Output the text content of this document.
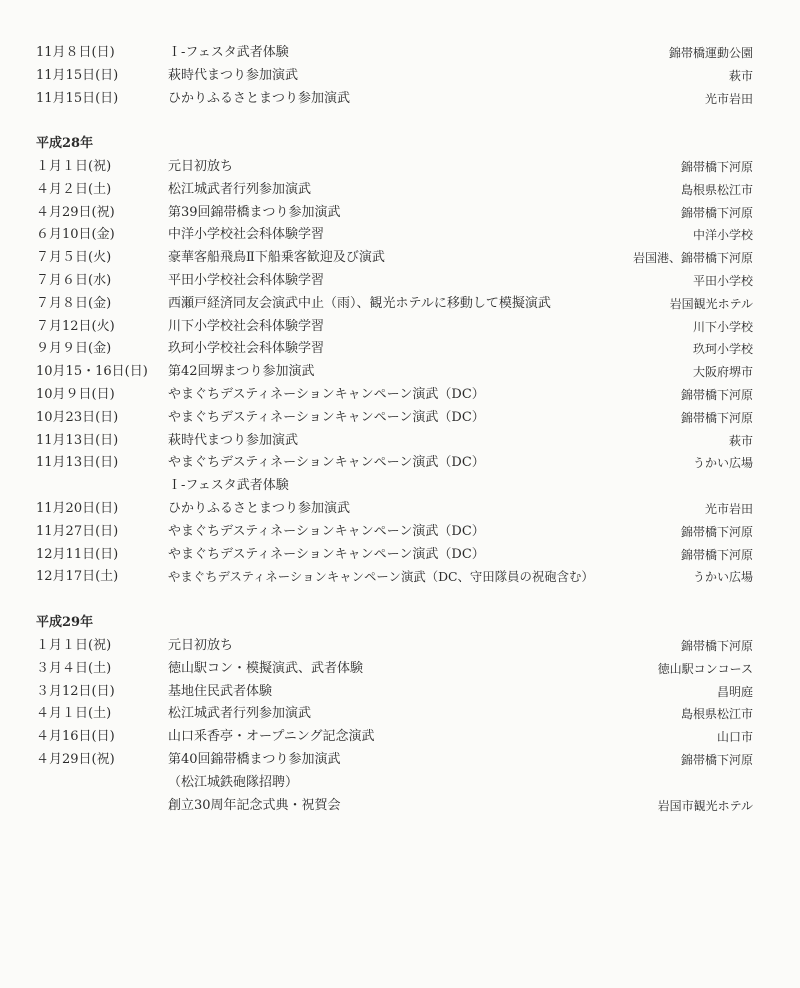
11月８日(日)	Ｉ-フェスタ武者体験	錦帯橋運動公園
11月15日(日)	萩時代まつり参加演武	萩市
11月15日(日)	ひかりふるさとまつり参加演武	光市岩田
平成28年
１月１日(祝)	元日初放ち	錦帯橋下河原
４月２日(土)	松江城武者行列参加演武	島根県松江市
４月29日(祝)	第39回錦帯橋まつり参加演武	錦帯橋下河原
６月10日(金)	中洋小学校社会科体験学習	中洋小学校
７月５日(火)	豪華客船飛鳥Ⅱ下船乗客歓迎及び演武	岩国港、錦帯橋下河原
７月６日(水)	平田小学校社会科体験学習	平田小学校
７月８日(金)	西瀬戸経済同友会演武中止（雨）、観光ホテルに移動して模擬演武	岩国観光ホテル
７月12日(火)	川下小学校社会科体験学習	川下小学校
９月９日(金)	玖珂小学校社会科体験学習	玖珂小学校
10月15・16日(日) 第42回堺まつり参加演武	大阪府堺市
10月９日(日)	やまぐちデスティネーションキャンペーン演武（DC）	錦帯橋下河原
10月23日(日)	やまぐちデスティネーションキャンペーン演武（DC）	錦帯橋下河原
11月13日(日)	萩時代まつり参加演武	萩市
11月13日(日)	やまぐちデスティネーションキャンペーン演武（DC）	うかい広場
Ｉ-フェスタ武者体験
11月20日(日)	ひかりふるさとまつり参加演武	光市岩田
11月27日(日)	やまぐちデスティネーションキャンペーン演武（DC）	錦帯橋下河原
12月11日(日)	やまぐちデスティネーションキャンペーン演武（DC）	錦帯橋下河原
12月17日(土)	やまぐちデスティネーションキャンペーン演武（DC、守田隊員の祝砲含む）	うかい広場
平成29年
１月１日(祝)	元日初放ち	錦帯橋下河原
３月４日(土)	徳山駅コン・模擬演武、武者体験	徳山駅コンコース
３月12日(日)	基地住民武者体験	昌明庭
４月１日(土)	松江城武者行列参加演武	島根県松江市
４月16日(日)	山口釆香亭・オープニング記念演武	山口市
４月29日(祝)	第40回錦帯橋まつり参加演武	錦帯橋下河原
（松江城鉄砲隊招聘）
創立30周年記念式典・祝賀会	岩国市観光ホテル
